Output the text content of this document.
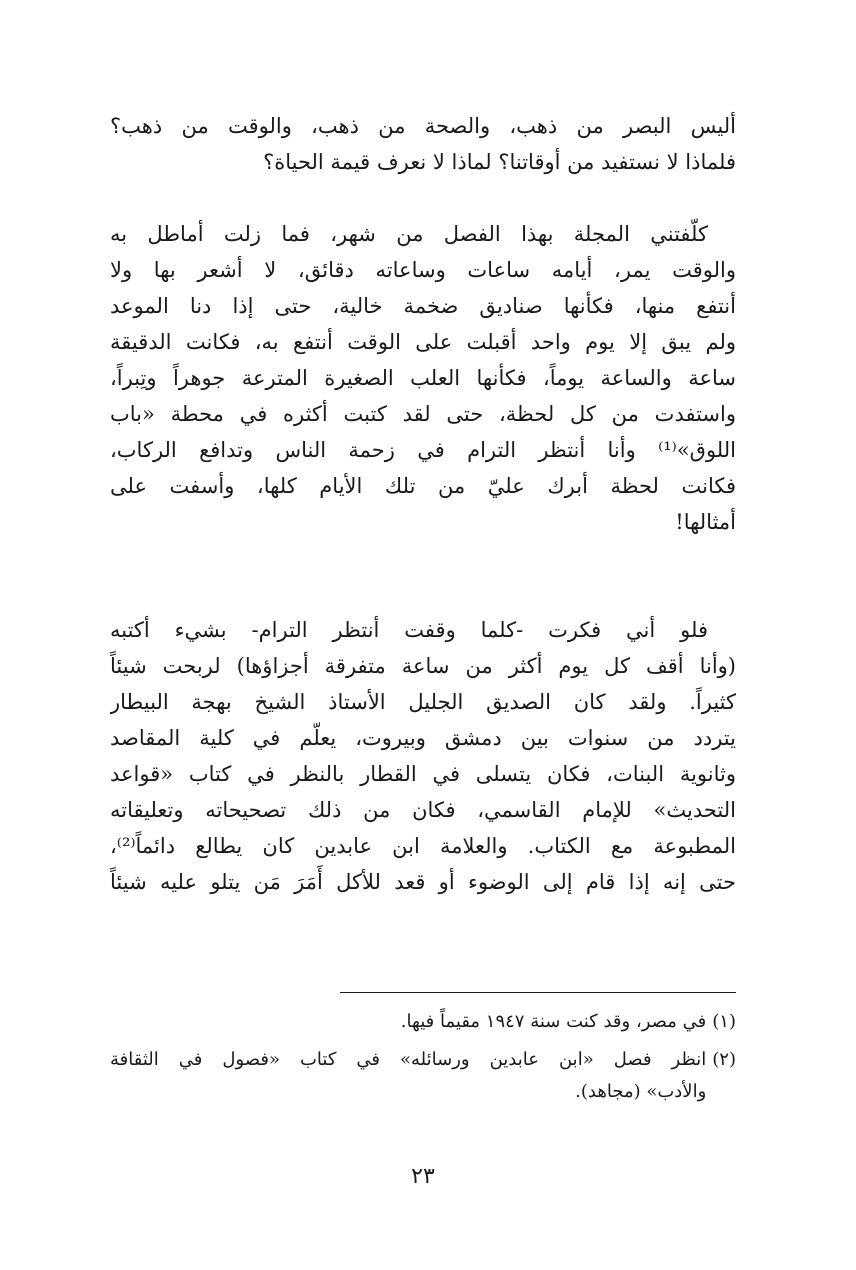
أليس البصر من ذهب، والصحة من ذهب، والوقت من ذهب؟
فلماذا لا نستفيد من أوقاتنا؟ لماذا لا نعرف قيمة الحياة؟
كلّفتني المجلة بهذا الفصل من شهر، فما زلت أماطل به
والوقت يمر، أيامه ساعات وساعاته دقائق، لا أشعر بها ولا
أنتفع منها، فكأنها صناديق ضخمة خالية، حتى إذا دنا الموعد
ولم يبق إلا يوم واحد أقبلت على الوقت أنتفع به، فكانت الدقيقة
ساعة والساعة يوماً، فكأنها العلب الصغيرة المترعة جوهراً وتِبراً،
واستفدت من كل لحظة، حتى لقد كتبت أكثره في محطة «باب
اللوق»⁽¹⁾ وأنا أنتظر الترام في زحمة الناس وتدافع الركاب،
فكانت لحظة أبرك عليّ من تلك الأيام كلها، وأسفت على
أمثالها!
فلو أني فكرت -كلما وقفت أنتظر الترام- بشيء أكتبه
(وأنا أقف كل يوم أكثر من ساعة متفرقة أجزاؤها) لربحت شيئاً
كثيراً. ولقد كان الصديق الجليل الأستاذ الشيخ بهجة البيطار
يتردد من سنوات بين دمشق وبيروت، يعلّم في كلية المقاصد
وثانوية البنات، فكان يتسلى في القطار بالنظر في كتاب «قواعد
التحديث» للإمام القاسمي، فكان من ذلك تصحيحاته وتعليقاته
المطبوعة مع الكتاب. والعلامة ابن عابدين كان يطالع دائماً⁽²⁾،
حتى إنه إذا قام إلى الوضوء أو قعد للأكل أَمَرَ مَن يتلو عليه شيئاً
(١)
في مصر، وقد كنت سنة ١٩٤٧ مقيماً فيها.
(٢)
انظر فصل «ابن عابدين ورسائله» في كتاب «فصول في الثقافة
والأدب» (مجاهد).
٢٣
